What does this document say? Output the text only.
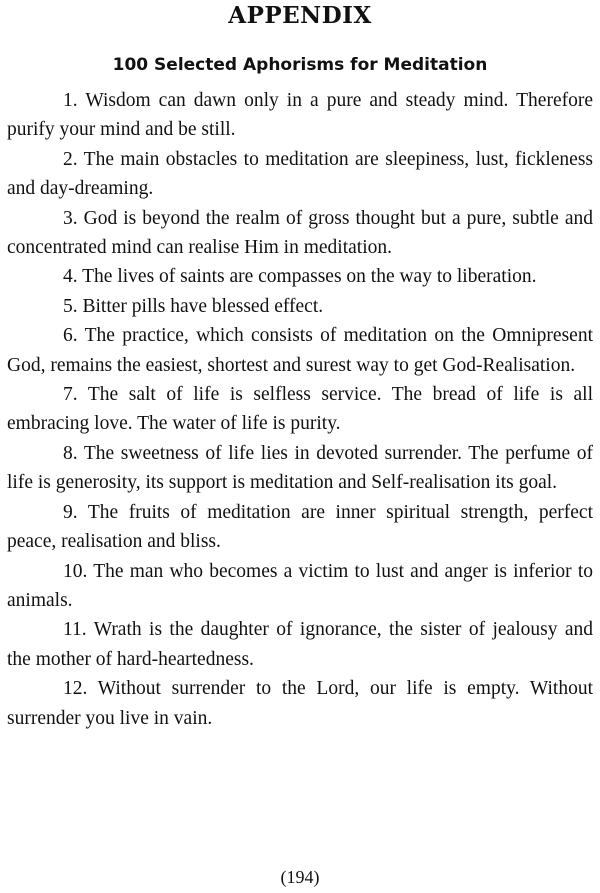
APPENDIX
100 Selected Aphorisms for Meditation

1. Wisdom can dawn only in a pure and steady mind. Therefore purify your mind and be still.

2. The main obstacles to meditation are sleepiness, lust, fickleness and day-dreaming.

3. God is beyond the realm of gross thought but a pure, subtle and concentrated mind can realise Him in meditation.

4. The lives of saints are compasses on the way to liberation.

5. Bitter pills have blessed effect.

6. The practice, which consists of meditation on the Omnipresent God, remains the easiest, shortest and surest way to get God-Realisation.

7. The salt of life is selfless service. The bread of life is all embracing love. The water of life is purity.

8. The sweetness of life lies in devoted surrender. The perfume of life is generosity, its support is meditation and Self-realisation its goal.

9. The fruits of meditation are inner spiritual strength, perfect peace, realisation and bliss.

10. The man who becomes a victim to lust and anger is inferior to animals.

11. Wrath is the daughter of ignorance, the sister of jealousy and the mother of hard-heartedness.

12. Without surrender to the Lord, our life is empty. Without surrender you live in vain.

(194)
